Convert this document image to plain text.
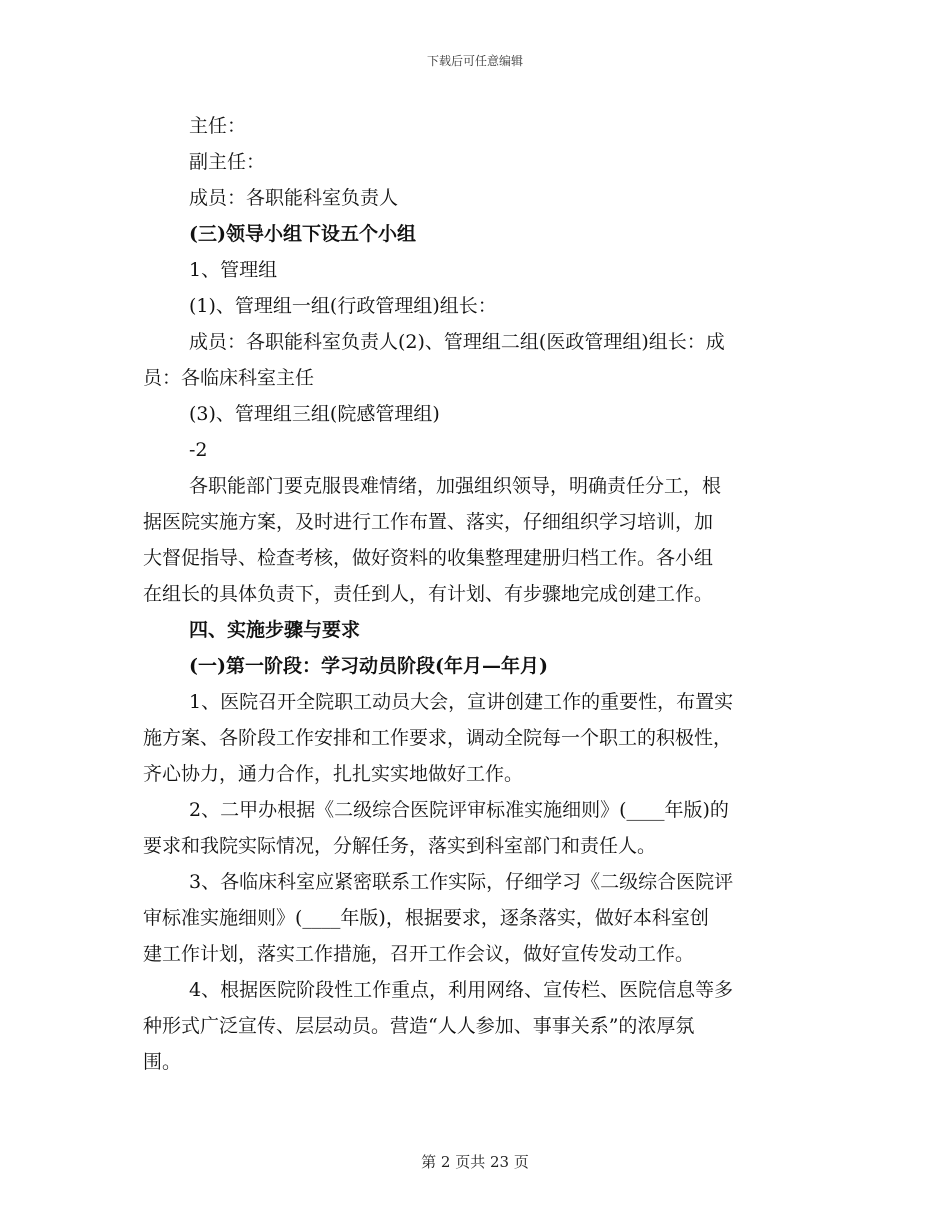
下载后可任意编辑

主任：

副主任：

成员：各职能科室负责人

(三)领导小组下设五个小组

1、管理组

(1)、管理组一组(行政管理组)组长：

成员：各职能科室负责人(2)、管理组二组(医政管理组)组长：成

员：各临床科室主任

(3)、管理组三组(院感管理组)

-2

各职能部门要克服畏难情绪，加强组织领导，明确责任分工，根

据医院实施方案，及时进行工作布置、落实，仔细组织学习培训，加

大督促指导、检查考核，做好资料的收集整理建册归档工作。各小组

在组长的具体负责下，责任到人，有计划、有步骤地完成创建工作。

四、实施步骤与要求

(一)第一阶段：学习动员阶段(年月—年月)

1、医院召开全院职工动员大会，宣讲创建工作的重要性，布置实

施方案、各阶段工作安排和工作要求，调动全院每一个职工的积极性，

齐心协力，通力合作，扎扎实实地做好工作。

2、二甲办根据《二级综合医院评审标准实施细则》(____年版)的

要求和我院实际情况，分解任务，落实到科室部门和责任人。

3、各临床科室应紧密联系工作实际，仔细学习《二级综合医院评

审标准实施细则》(____年版)，根据要求，逐条落实，做好本科室创

建工作计划，落实工作措施，召开工作会议，做好宣传发动工作。

4、根据医院阶段性工作重点，利用网络、宣传栏、医院信息等多

种形式广泛宣传、层层动员。营造“人人参加、事事关系”的浓厚氛

围。

第 2 页共 23 页
